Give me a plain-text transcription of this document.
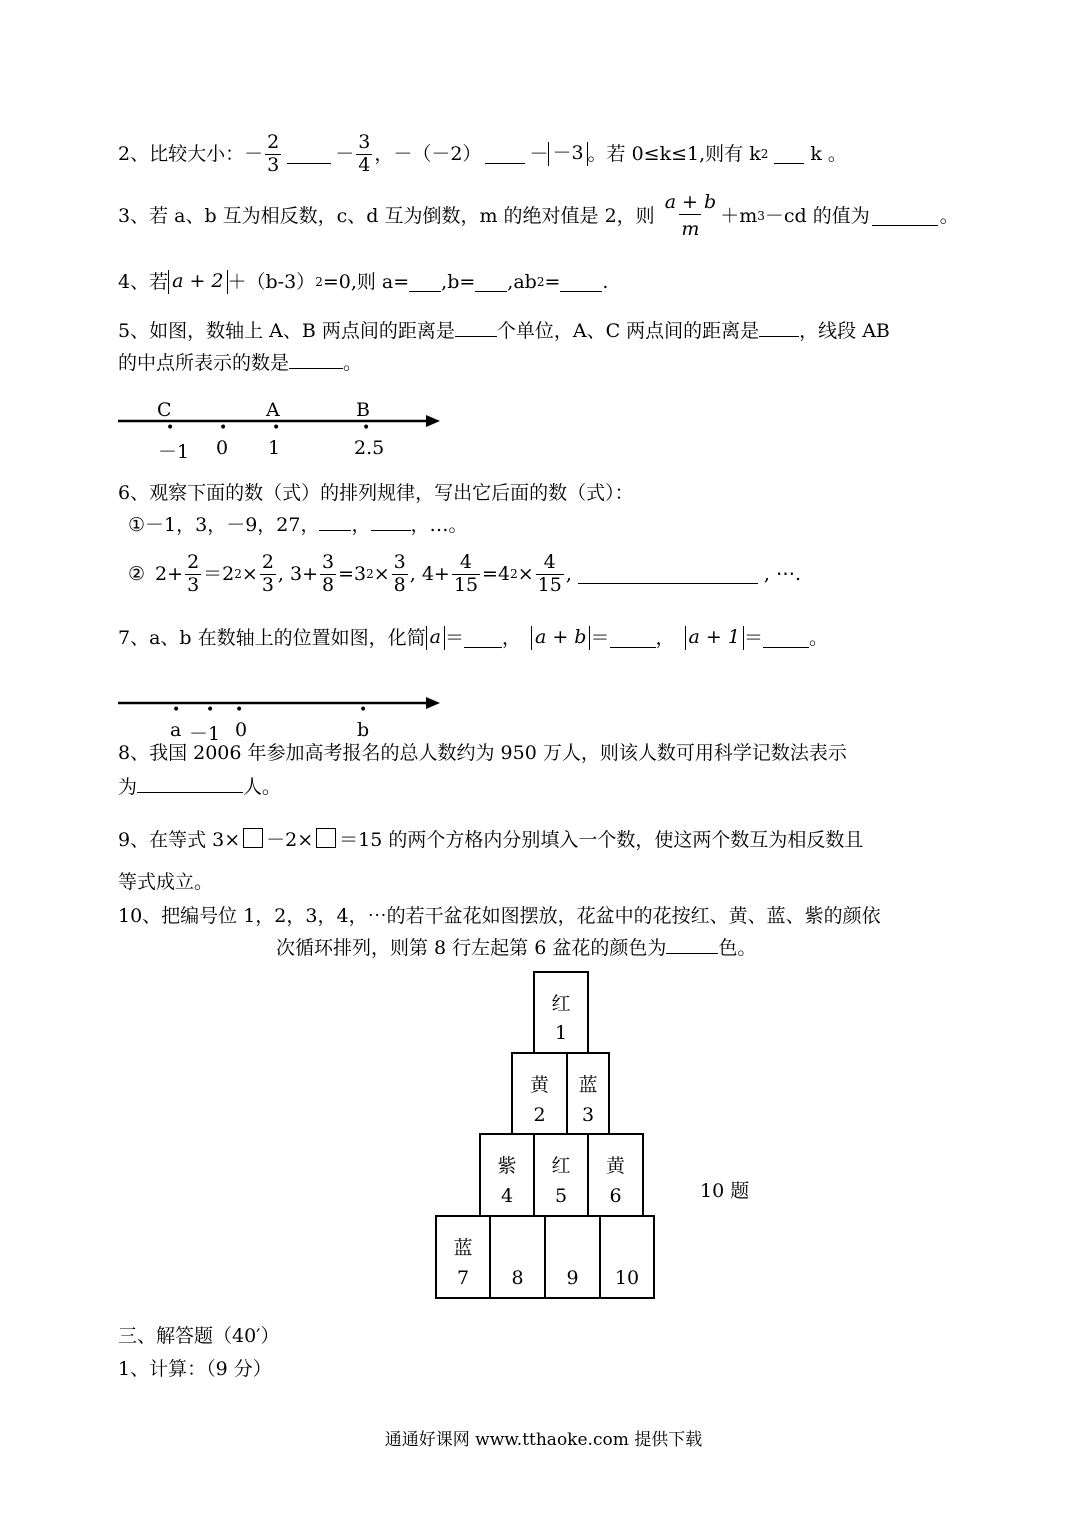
2、 比较大小： － $\frac{2}{3}$	－ $\frac{3}{4}$ ， －（－2）	－ －3 。若 0≤k≤1,则有 k 2 k 。
3、若 a、b 互为相反数，c、d 互为倒数，m 的绝对值是 2，则 $\frac{a + b}{m} +m$ 3 －cd 的值为	。
4、若 a + 2 ＋（b-3） 2 =0,则 a= ,b= ,ab 2 = .
5、如图，数轴上 A、B 两点间的距离是 个单位，A、C 两点间的距离是 ，线段 AB
的中点所表示的数是	。
C	A	B
•	•	•	•
－1 0 1	2.5
6、观察下面的数（式）的排列规律，写出它后面的数（式）：
①－1，3，－9，27， ， ，…。
② $2+ \frac{2}{3} =2$ $2 \times \frac{2}{3}$ , $3+ \frac{3}{8} =3$ $2 \times \frac{3}{8}$ , $4+ \frac{4}{15} =4$ $2 \times \frac{4}{15}$ ,	, ⋯.
7、a、b 在数轴上的位置如图，化简 a ＝ ， a + b ＝ ， a + 1 ＝ 。
• • •	•
a －1 0	b
8、我国 2006 年参加高考报名的总人数约为 950 万人，则该人数可用科学记数法表示
为	人。
9、在等式 3× －2× ＝15 的两个方格内分别填入一个数，使这两个数互为相反数且
等式成立。
10、把编号位 1，2，3，4，⋯的若干盆花如图摆放，花盆中的花按红、黄、蓝、紫的颜依
次循环排列，则第 8 行左起第 6 盆花的颜色为	色。
红
1
黄
2
蓝
3
紫
4
红
5
黄
6
蓝
7	8	9	10
10 题
三、解答题（40′）
1、计算：（9 分）
通通好课网 www.tthaoke.com 提供下载
